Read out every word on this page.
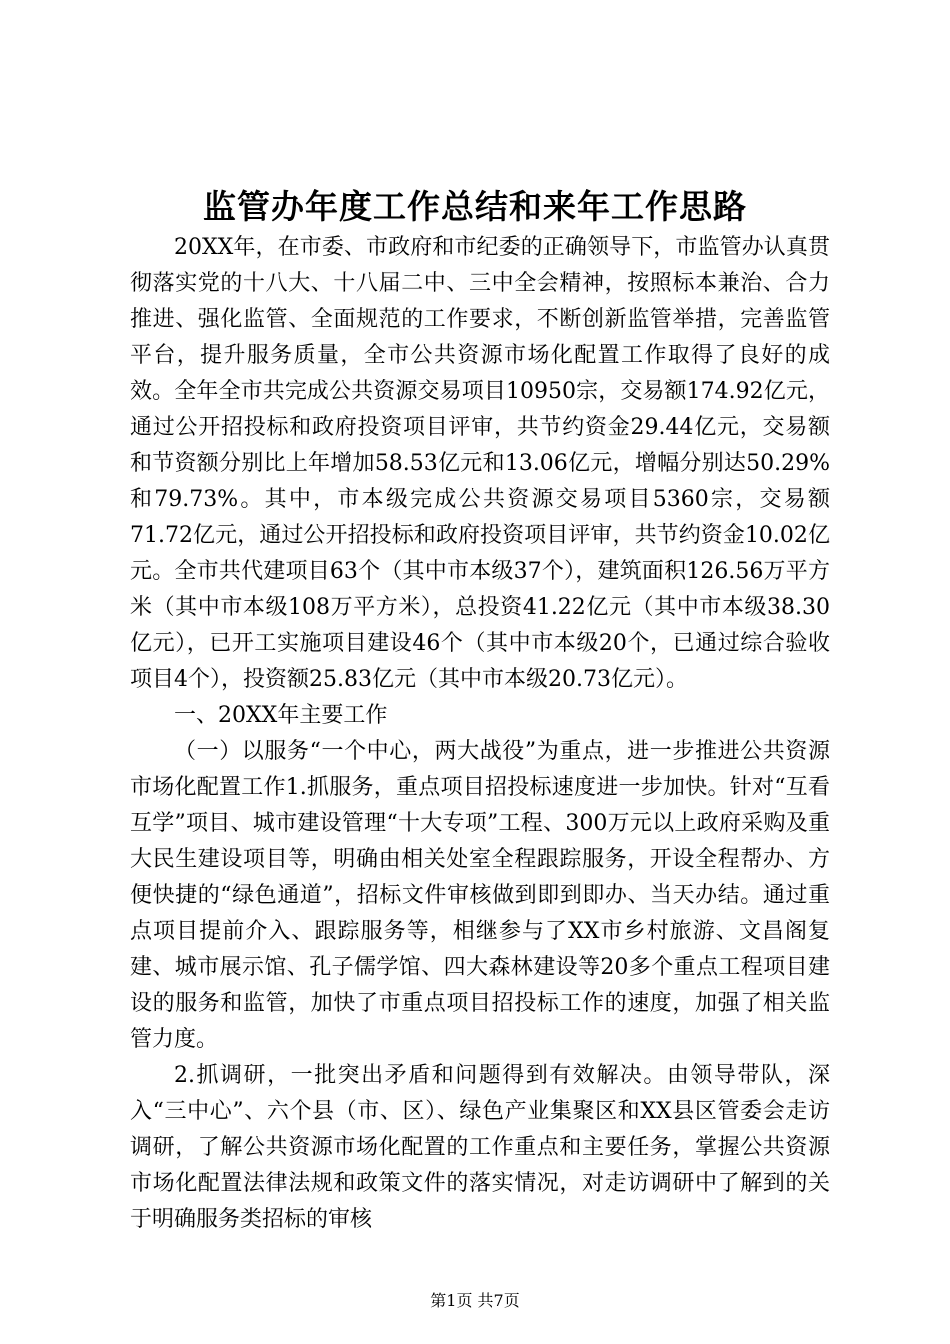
监管办年度工作总结和来年工作思路

20XX年，在市委、市政府和市纪委的正确领导下，市监管办认真贯彻落实党的十八大、十八届二中、三中全会精神，按照标本兼治、合力推进、强化监管、全面规范的工作要求，不断创新监管举措，完善监管平台，提升服务质量，全市公共资源市场化配置工作取得了良好的成效。全年全市共完成公共资源交易项目10950宗，交易额174.92亿元，通过公开招投标和政府投资项目评审，共节约资金29.44亿元，交易额和节资额分别比上年增加58.53亿元和13.06亿元，增幅分别达50.29%和79.73%。其中，市本级完成公共资源交易项目5360宗，交易额71.72亿元，通过公开招投标和政府投资项目评审，共节约资金10.02亿元。全市共代建项目63个（其中市本级37个），建筑面积126.56万平方米（其中市本级108万平方米），总投资41.22亿元（其中市本级38.30亿元），已开工实施项目建设46个（其中市本级20个，已通过综合验收项目4个），投资额25.83亿元（其中市本级20.73亿元）。

一、20XX年主要工作

（一）以服务“一个中心，两大战役”为重点，进一步推进公共资源市场化配置工作1.抓服务，重点项目招投标速度进一步加快。针对“互看互学”项目、城市建设管理“十大专项”工程、300万元以上政府采购及重大民生建设项目等，明确由相关处室全程跟踪服务，开设全程帮办、方便快捷的“绿色通道”，招标文件审核做到即到即办、当天办结。通过重点项目提前介入、跟踪服务等，相继参与了XX市乡村旅游、文昌阁复建、城市展示馆、孔子儒学馆、四大森林建设等20多个重点工程项目建设的服务和监管，加快了市重点项目招投标工作的速度，加强了相关监管力度。

2.抓调研，一批突出矛盾和问题得到有效解决。由领导带队，深入“三中心”、六个县（市、区）、绿色产业集聚区和XX县区管委会走访调研，了解公共资源市场化配置的工作重点和主要任务，掌握公共资源市场化配置法律法规和政策文件的落实情况，对走访调研中了解到的关于明确服务类招标的审核

第1页 共7页
